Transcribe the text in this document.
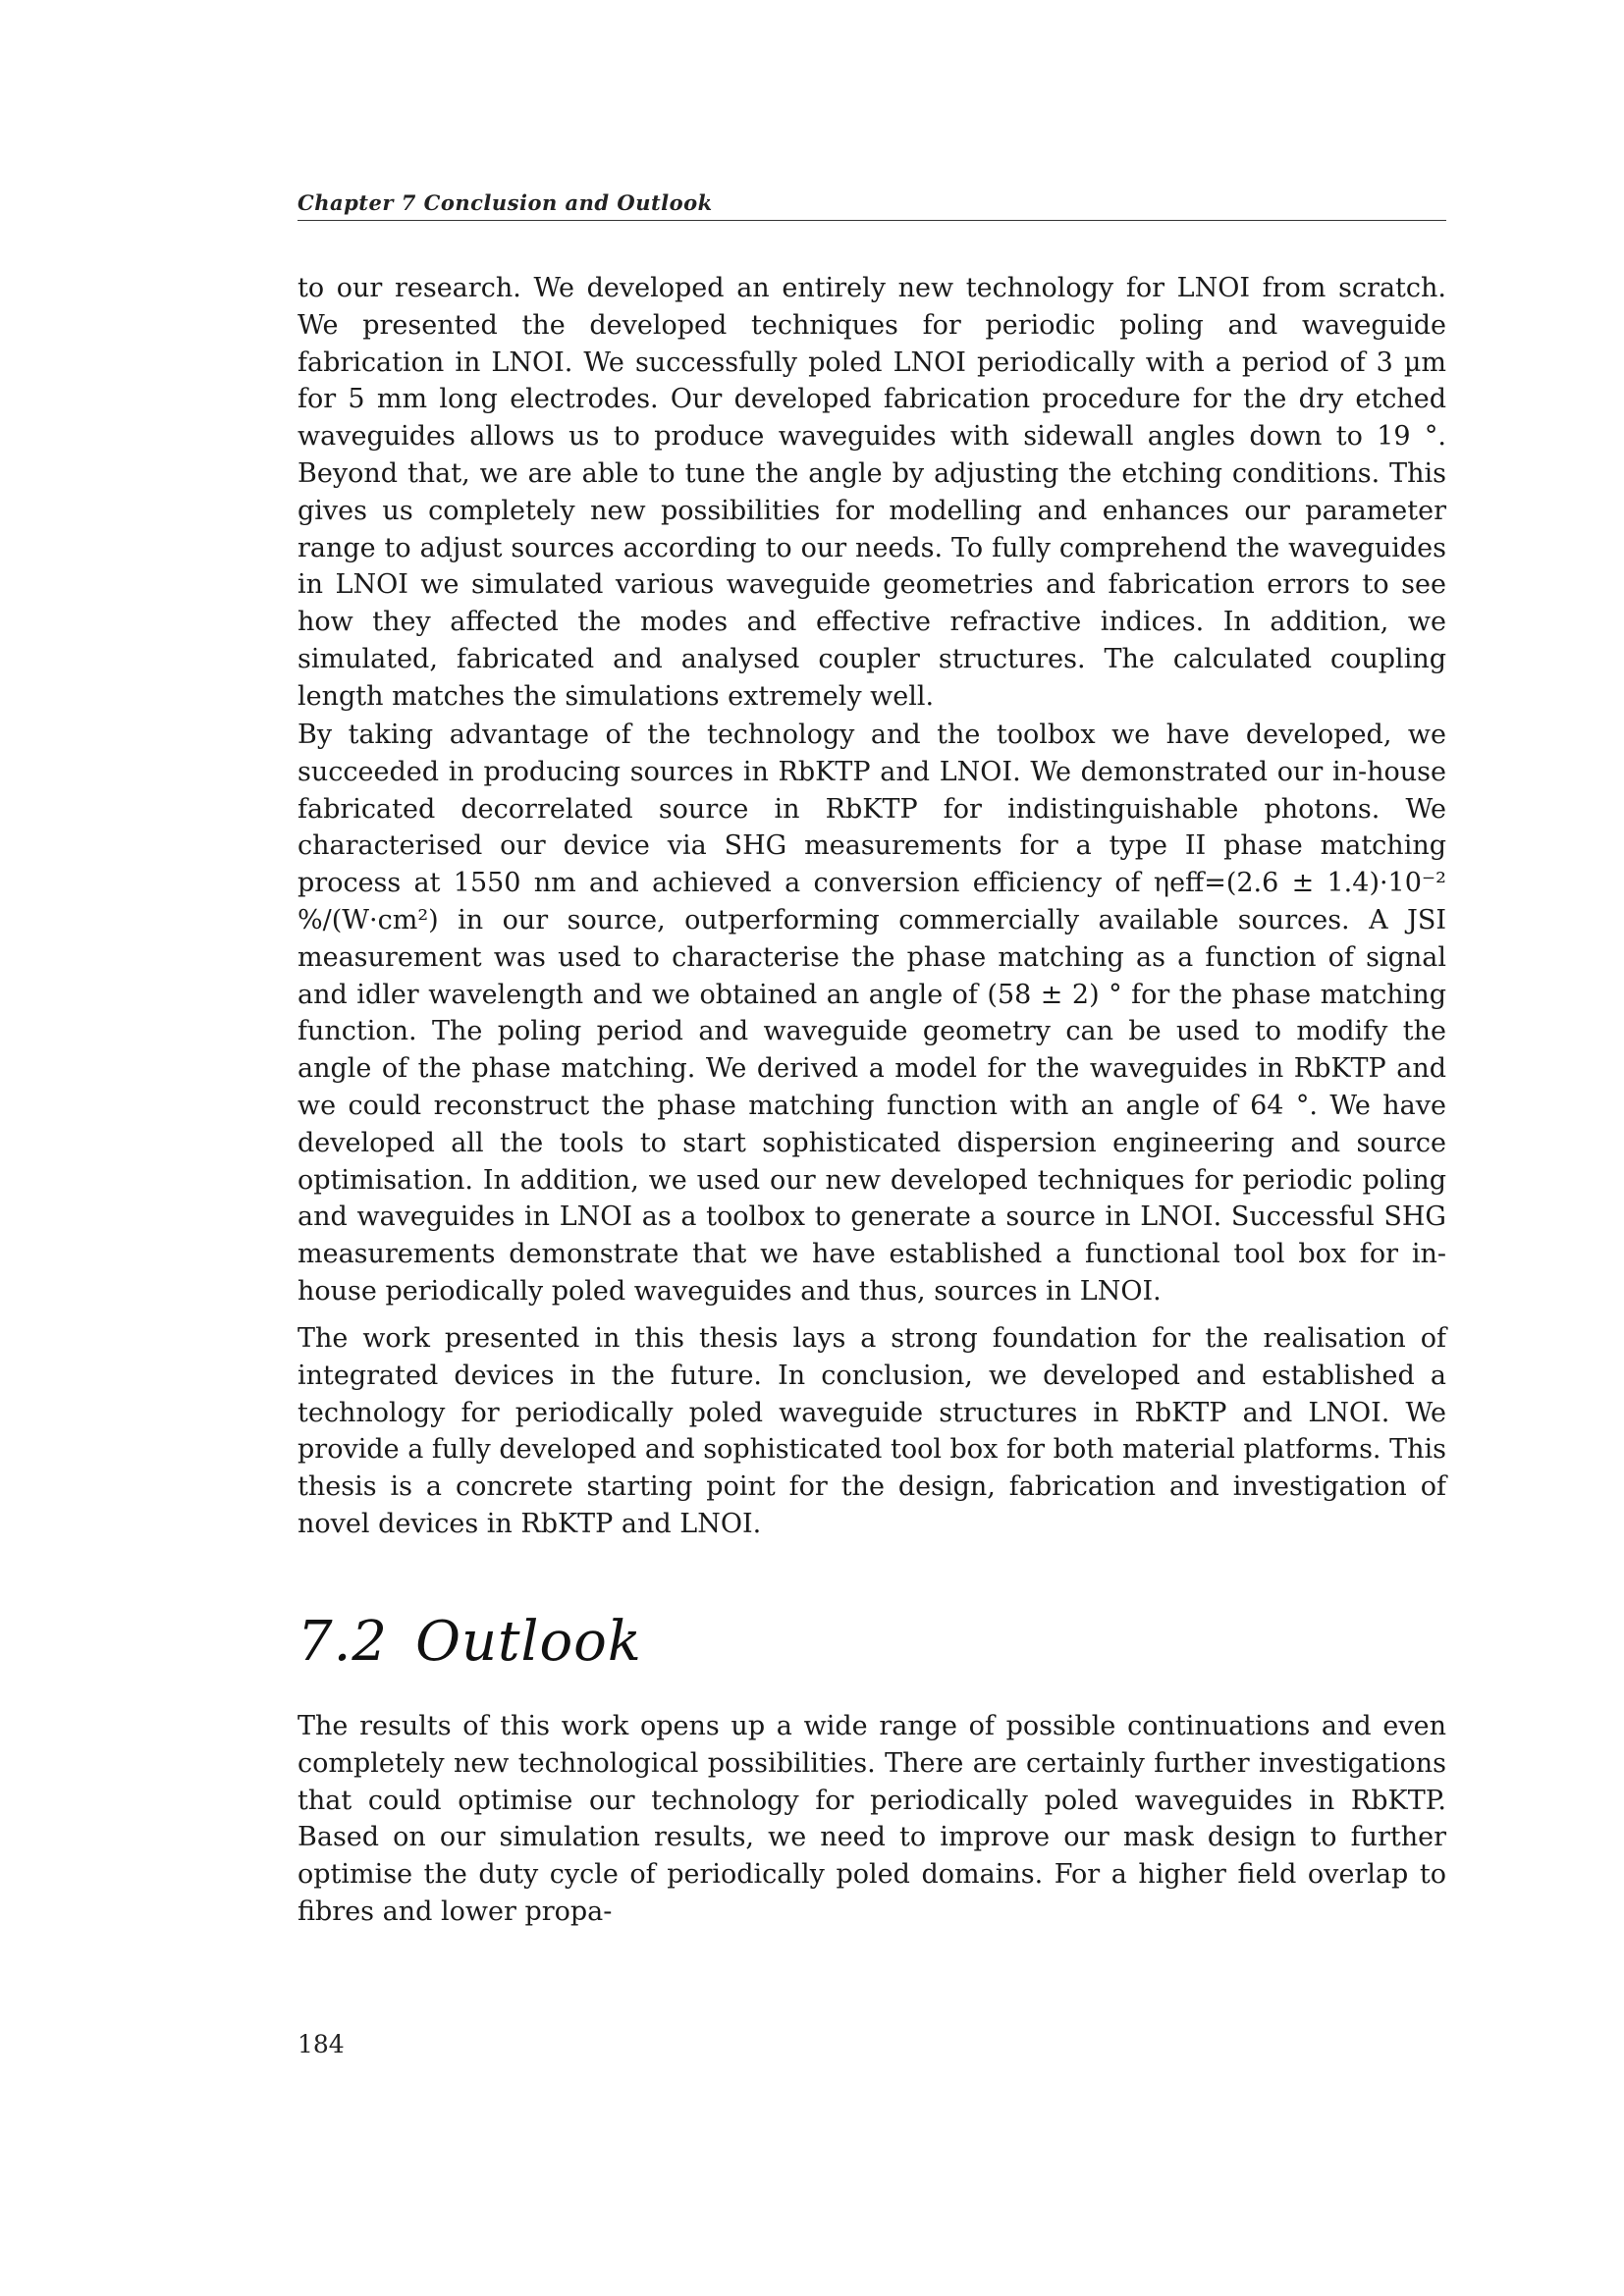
Chapter 7 Conclusion and Outlook

to our research. We developed an entirely new technology for LNOI from scratch. We presented the developed techniques for periodic poling and waveguide fabrication in LNOI. We successfully poled LNOI periodically with a period of 3 µm for 5 mm long electrodes. Our developed fabrication procedure for the dry etched waveguides allows us to produce waveguides with sidewall angles down to 19 °. Beyond that, we are able to tune the angle by adjusting the etching conditions. This gives us completely new possibilities for modelling and enhances our parameter range to adjust sources according to our needs. To fully comprehend the waveguides in LNOI we simulated various waveguide geometries and fabrication errors to see how they affected the modes and effective refractive indices. In addition, we simulated, fabricated and analysed coupler structures. The calculated coupling length matches the simulations extremely well.

By taking advantage of the technology and the toolbox we have developed, we succeeded in producing sources in RbKTP and LNOI. We demonstrated our in-house fabricated decorrelated source in RbKTP for indistinguishable photons. We characterised our device via SHG measurements for a type II phase matching process at 1550 nm and achieved a conversion efficiency of ηeff=(2.6 ± 1.4)·10⁻² %/(W·cm²) in our source, outperforming commercially available sources. A JSI measurement was used to characterise the phase matching as a function of signal and idler wavelength and we obtained an angle of (58 ± 2) ° for the phase matching function. The poling period and waveguide geometry can be used to modify the angle of the phase matching. We derived a model for the waveguides in RbKTP and we could reconstruct the phase matching function with an angle of 64 °. We have developed all the tools to start sophisticated dispersion engineering and source optimisation. In addition, we used our new developed techniques for periodic poling and waveguides in LNOI as a toolbox to generate a source in LNOI. Successful SHG measurements demonstrate that we have established a functional tool box for in-house periodically poled waveguides and thus, sources in LNOI.

The work presented in this thesis lays a strong foundation for the realisation of integrated devices in the future. In conclusion, we developed and established a technology for periodically poled waveguide structures in RbKTP and LNOI. We provide a fully developed and sophisticated tool box for both material platforms. This thesis is a concrete starting point for the design, fabrication and investigation of novel devices in RbKTP and LNOI.

7.2 Outlook

The results of this work opens up a wide range of possible continuations and even completely new technological possibilities. There are certainly further investigations that could optimise our technology for periodically poled waveguides in RbKTP. Based on our simulation results, we need to improve our mask design to further optimise the duty cycle of periodically poled domains. For a higher field overlap to fibres and lower propa-

184
